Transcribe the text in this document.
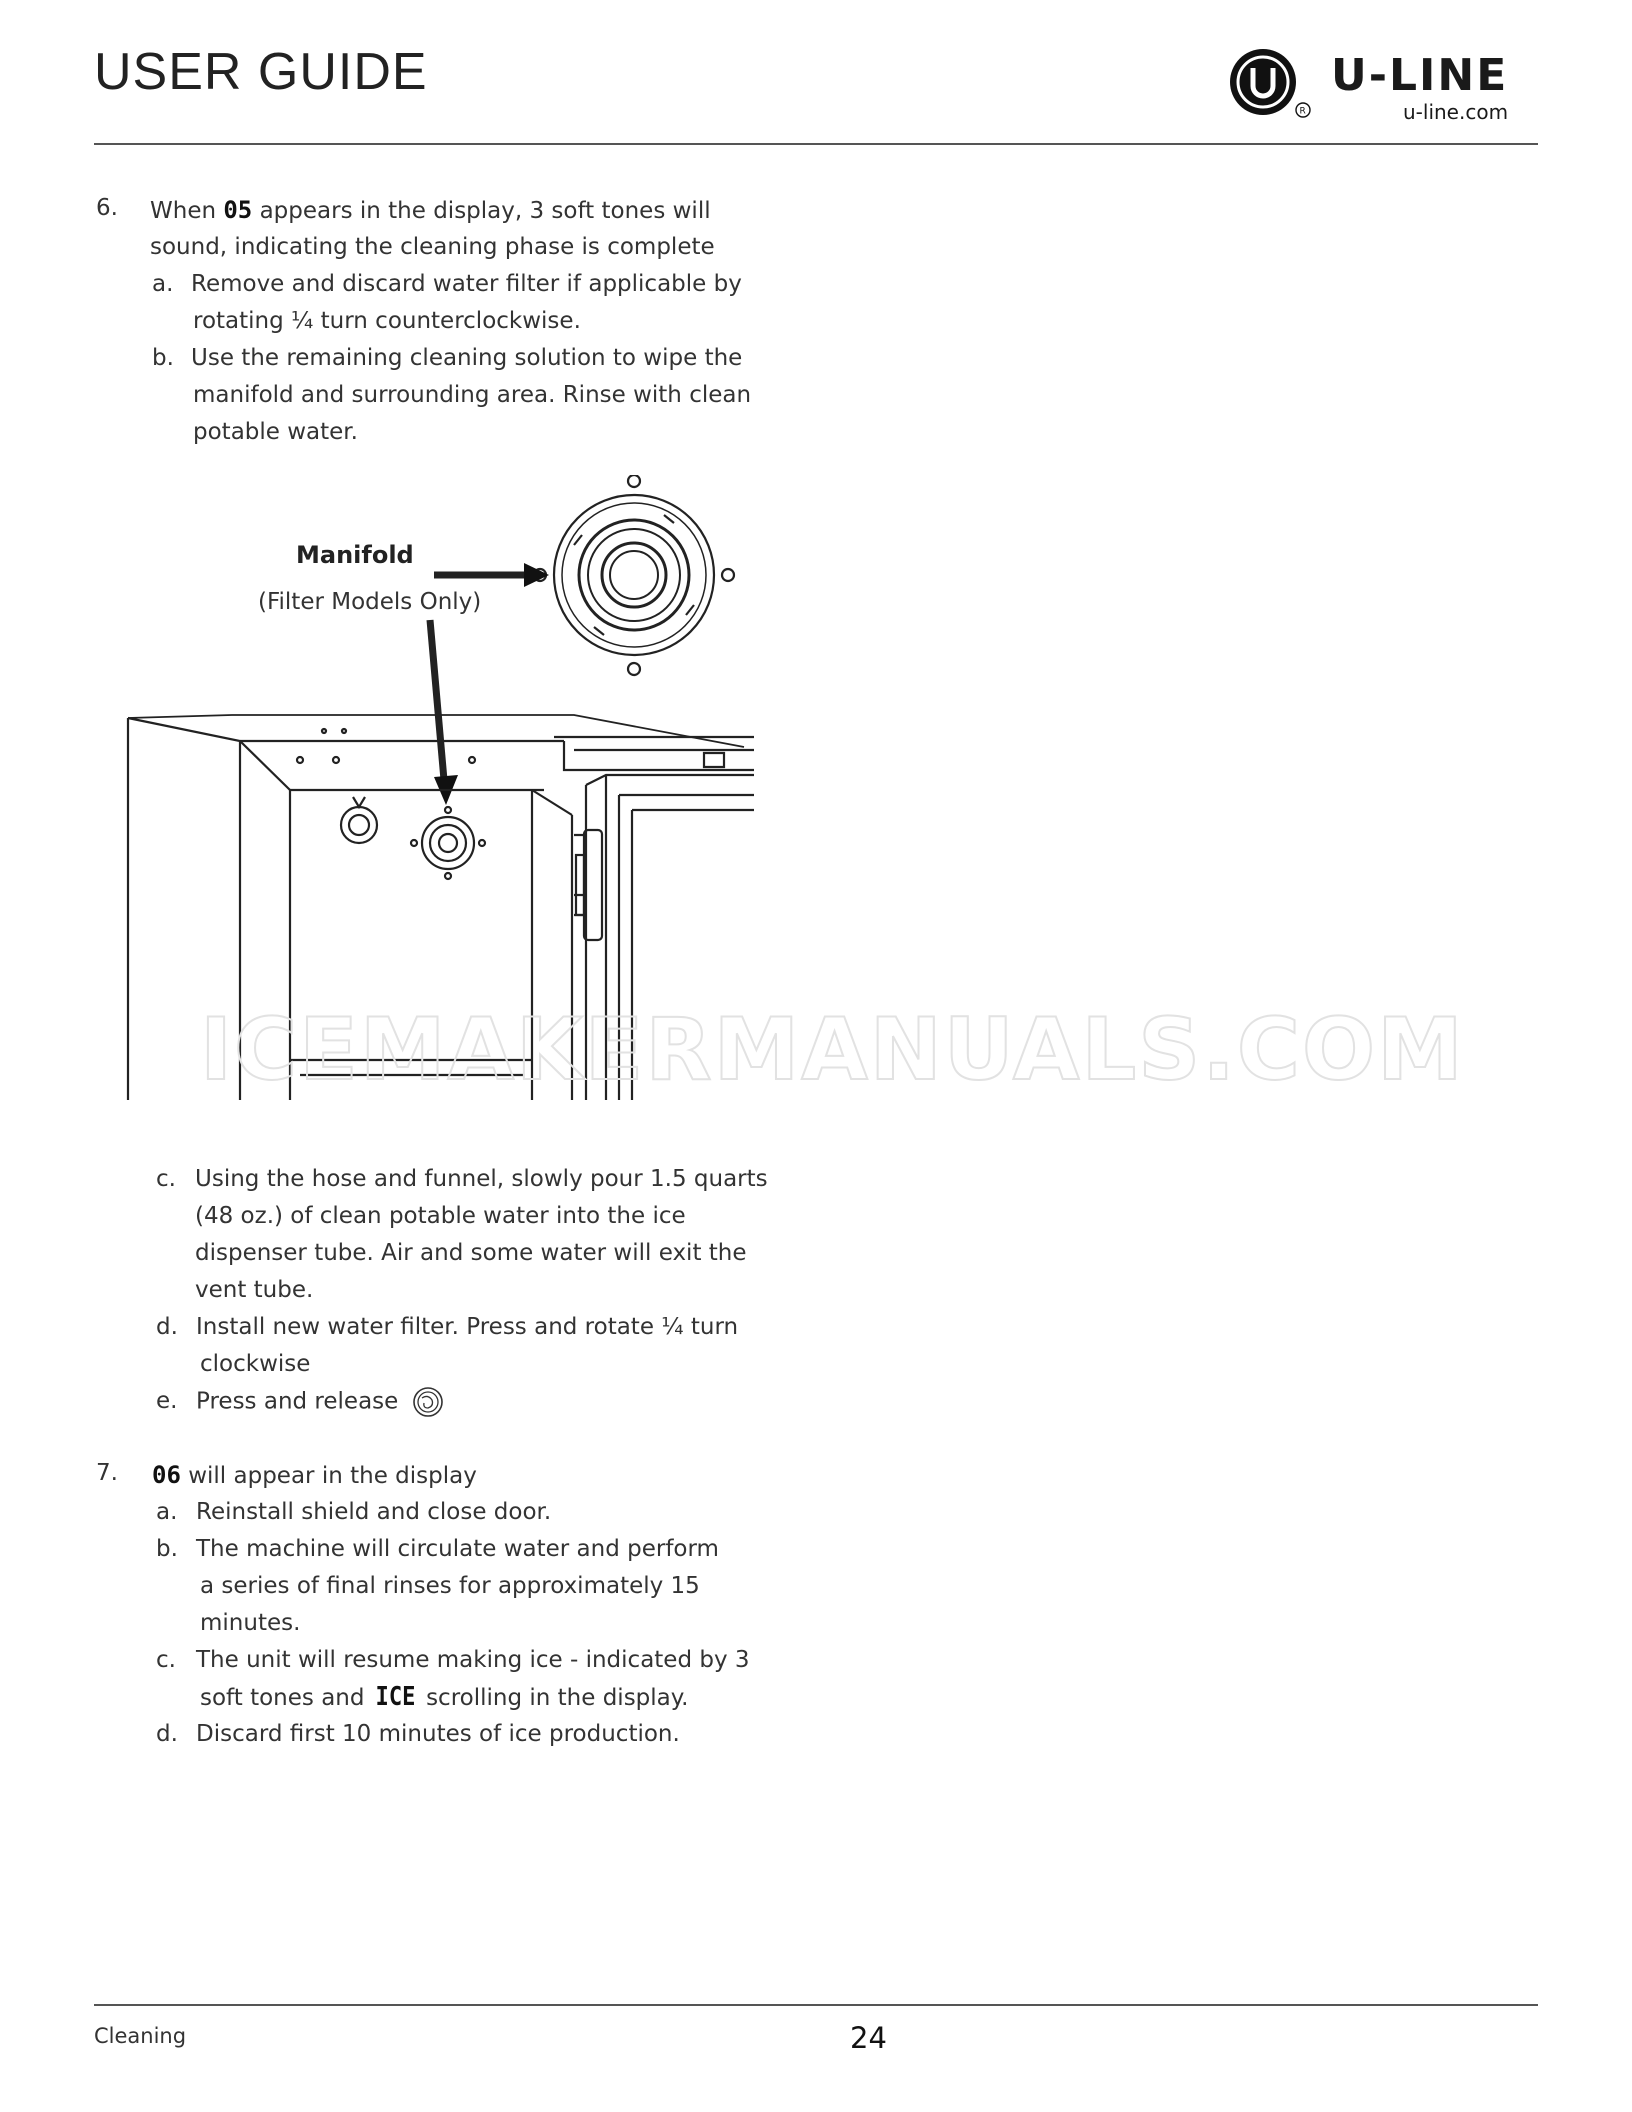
USER GUIDE
R
U-LINE
u-line.com
6. When 05 appears in the display, 3 soft tones will
sound, indicating the cleaning phase is complete
a. Remove and discard water filter if applicable by
rotating ¼ turn counterclockwise.
b. Use the remaining cleaning solution to wipe the
manifold and surrounding area. Rinse with clean
potable water.
Manifold
(Filter Models Only)
ICEMAKERMANUALS.COM
c. Using the hose and funnel, slowly pour 1.5 quarts
(48 oz.) of clean potable water into the ice
dispenser tube. Air and some water will exit the
vent tube.
d. Install new water filter. Press and rotate ¼ turn
clockwise
e. Press and release
7. 06 will appear in the display
a. Reinstall shield and close door.
b. The machine will circulate water and perform
a series of final rinses for approximately 15
minutes.
c. The unit will resume making ice - indicated by 3
soft tones and ICE scrolling in the display.
d. Discard first 10 minutes of ice production.
Cleaning	24
